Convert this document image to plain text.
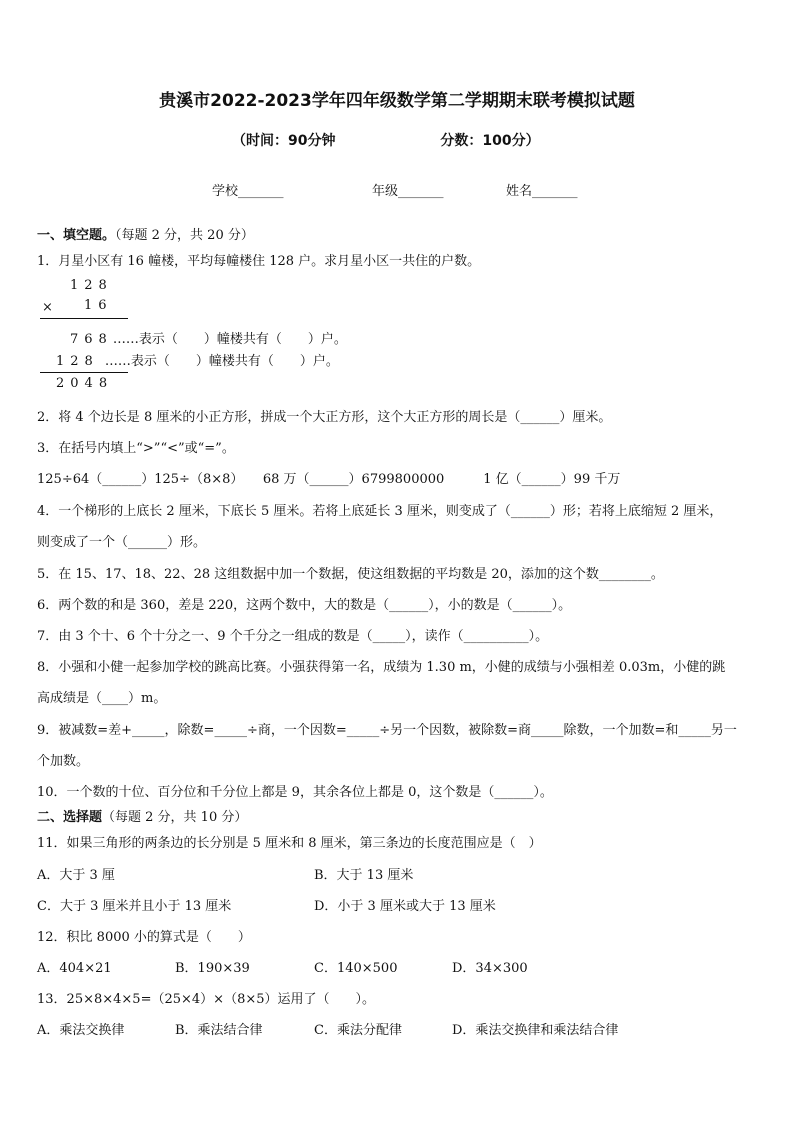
贵溪市2022-2023学年四年级数学第二学期期末联考模拟试题
（时间：90分钟	分数：100分）
学校_______	年级_______	姓名_______
一、填空题。（每题 2 分，共 20 分）
1．月星小区有 16 幢楼，平均每幢楼住 128 户。求月星小区一共住的户数。
128
× 16
768……表示（　　）幢楼共有（　　）户。
128 ……表示（　　）幢楼共有（　　）户。
2048
2．将 4 个边长是 8 厘米的小正方形，拼成一个大正方形，这个大正方形的周长是（______）厘米。
3．在括号内填上“>”“<”或“=”。
125÷64（______）125÷（8×8）　　68 万（______）6799800000　　　1 亿（______）99 千万
4．一个梯形的上底长 2 厘米，下底长 5 厘米。若将上底延长 3 厘米，则变成了（______）形；若将上底缩短 2 厘米，
则变成了一个（______）形。
5．在 15、17、18、22、28 这组数据中加一个数据，使这组数据的平均数是 20，添加的这个数________。
6．两个数的和是 360，差是 220，这两个数中，大的数是（______），小的数是（______）。
7．由 3 个十、6 个十分之一、9 个千分之一组成的数是（_____），读作（__________）。
8．小强和小健一起参加学校的跳高比赛。小强获得第一名，成绩为 1.30 m，小健的成绩与小强相差 0.03m，小健的跳
高成绩是（____）m。
9．被减数=差+_____，除数=_____÷商，一个因数=_____÷另一个因数，被除数=商_____除数，一个加数=和_____另一
个加数。
10．一个数的十位、百分位和千分位上都是 9，其余各位上都是 0，这个数是（______）。
二、选择题（每题 2 分，共 10 分）
11．如果三角形的两条边的长分别是 5 厘米和 8 厘米，第三条边的长度范围应是（　）
A．大于 3 厘	B．大于 13 厘米
C．大于 3 厘米并且小于 13 厘米	D．小于 3 厘米或大于 13 厘米
12．积比 8000 小的算式是（　　）
A．404×21	B．190×39	C．140×500	D．34×300
13．25×8×4×5=（25×4）×（8×5）运用了（　　）。
A．乘法交换律	B．乘法结合律	C．乘法分配律	D．乘法交换律和乘法结合律
